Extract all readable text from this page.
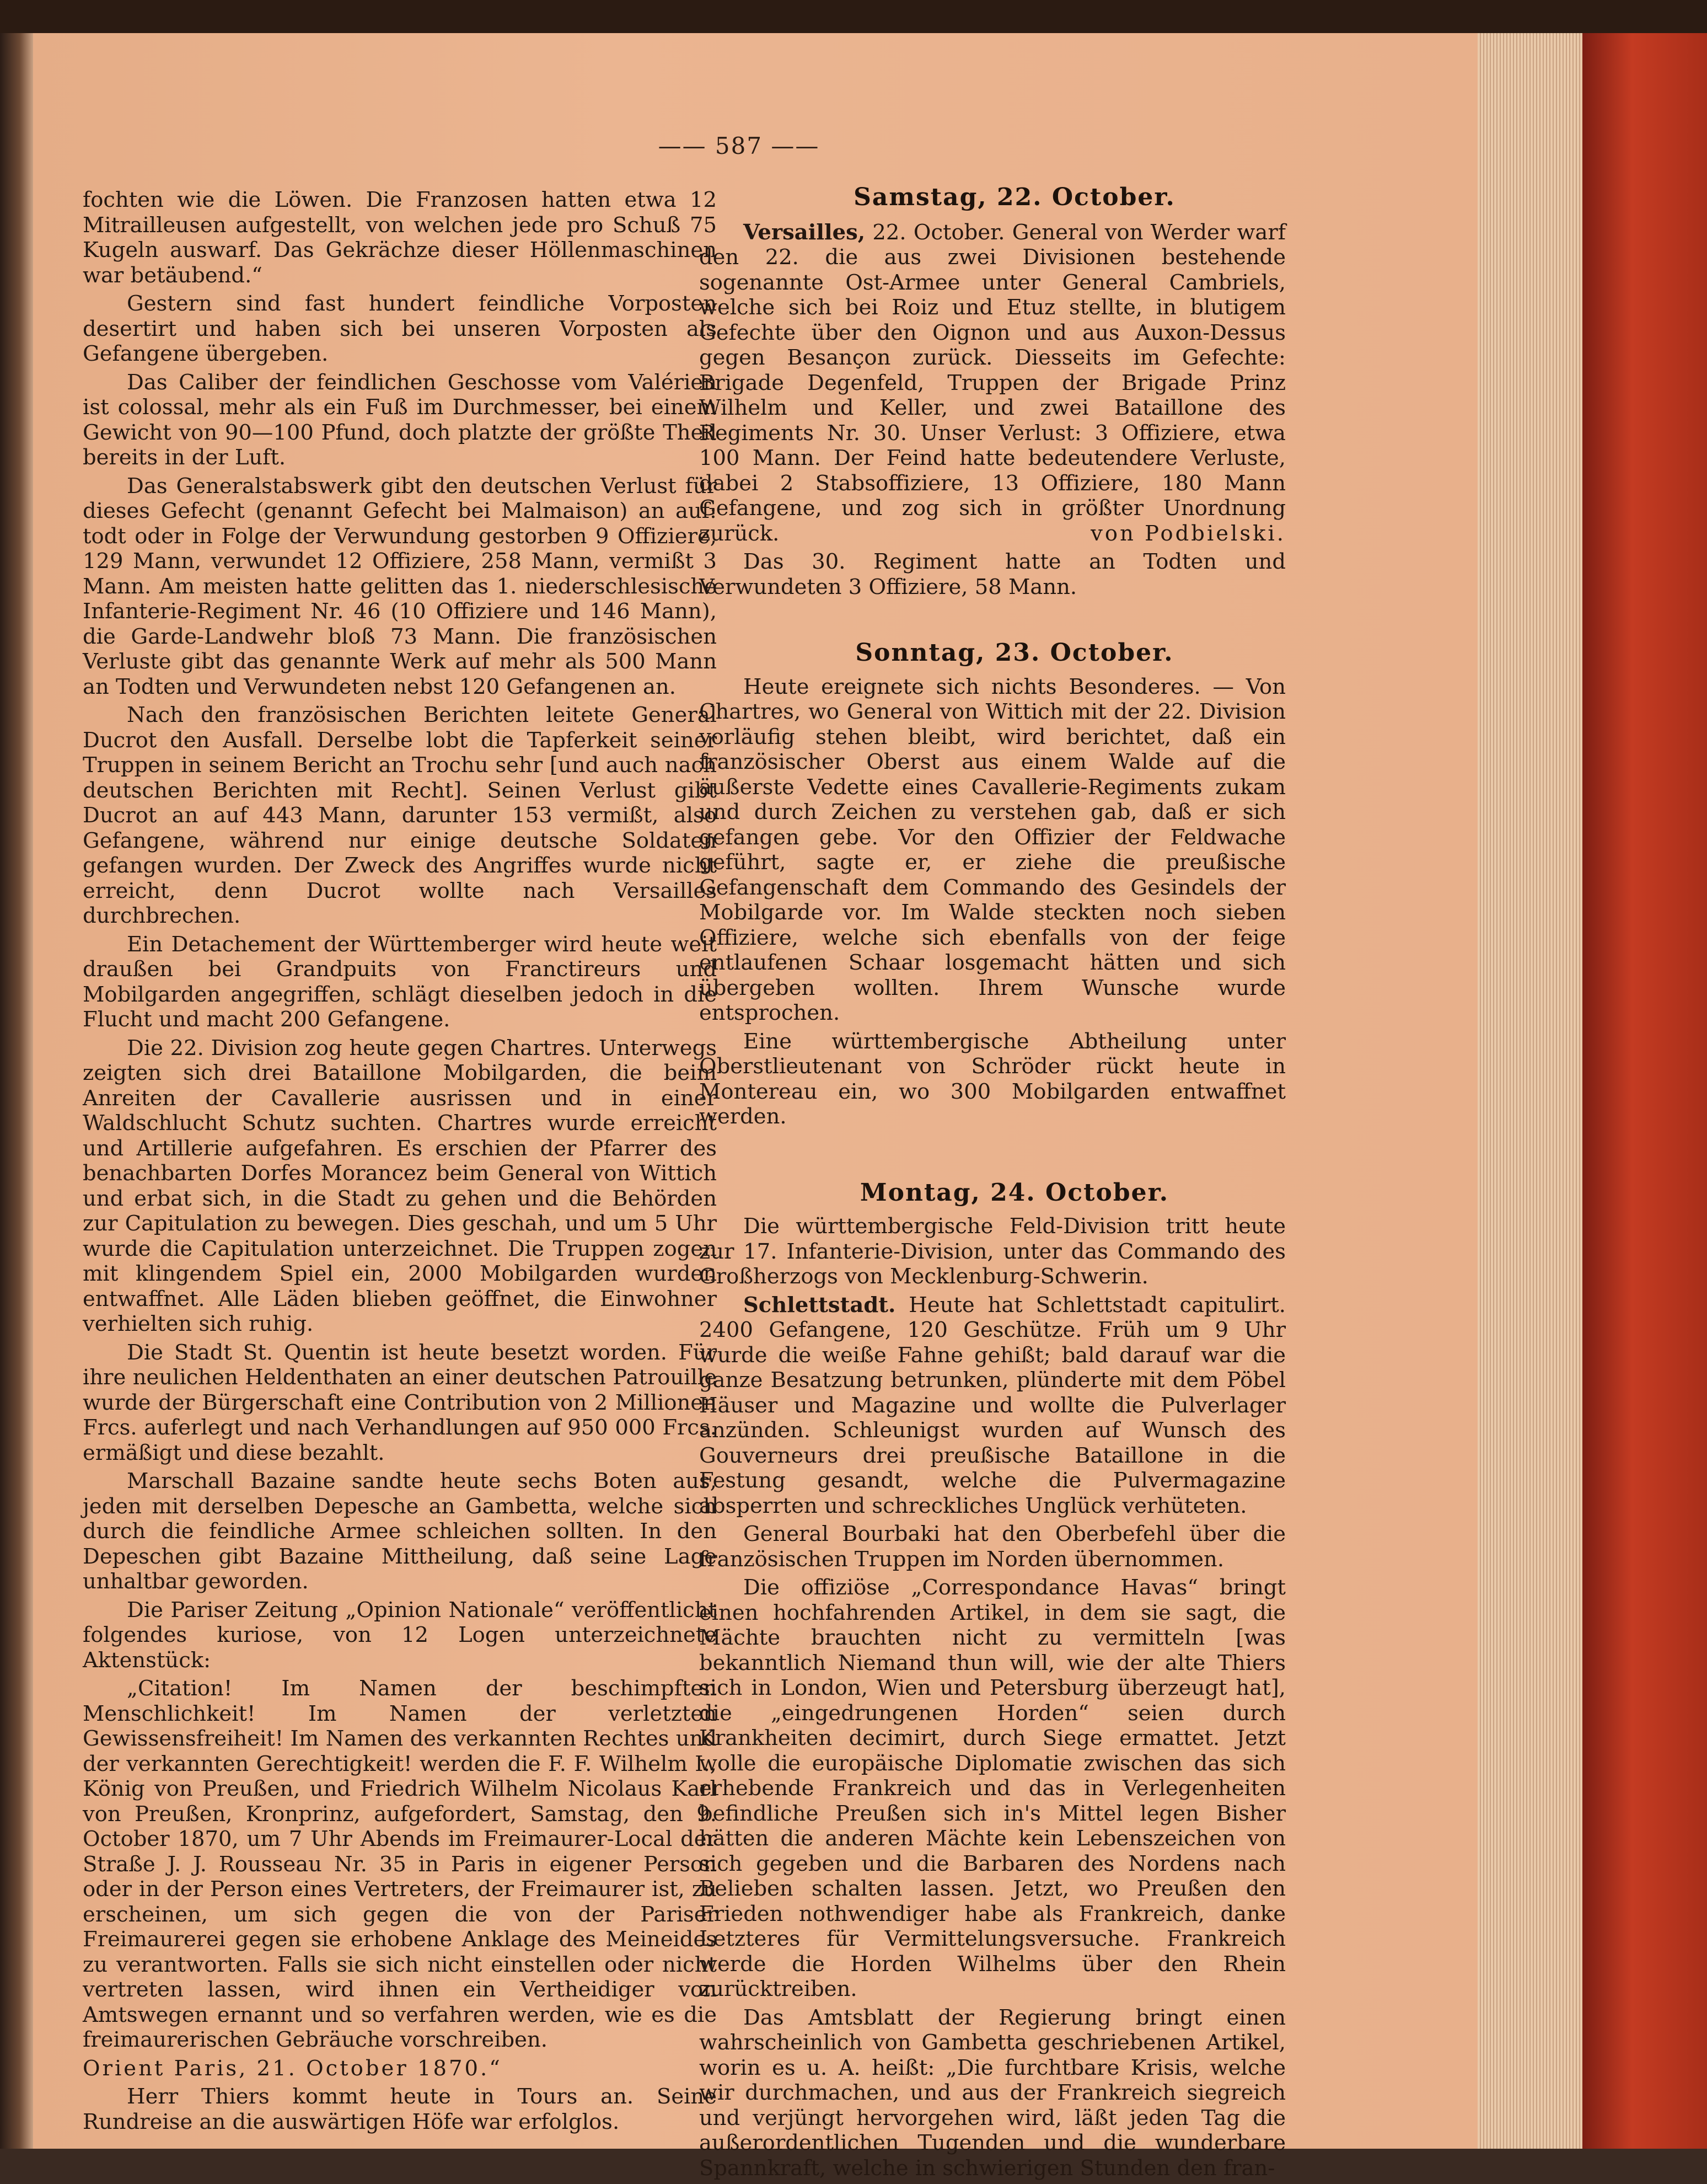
—— 587 ——

fochten wie die Löwen. Die Franzosen hatten etwa 12 Mitrailleusen aufgestellt, von welchen jede pro Schuß 75 Kugeln auswarf. Das Gekrächze dieser Höllenmaschinen war betäubend.“

Gestern sind fast hundert feindliche Vorposten desertirt und haben sich bei unseren Vorposten als Gefangene übergeben.

Das Caliber der feindlichen Geschosse vom Valérien ist colossal, mehr als ein Fuß im Durchmesser, bei einem Gewicht von 90—100 Pfund, doch platzte der größte Theil bereits in der Luft.

Das Generalstabswerk gibt den deutschen Verlust für dieses Gefecht (genannt Gefecht bei Malmaison) an auf: todt oder in Folge der Verwundung gestorben 9 Offiziere, 129 Mann, verwundet 12 Offiziere, 258 Mann, vermißt 3 Mann. Am meisten hatte gelitten das 1. niederschlesische Infanterie-Regiment Nr. 46 (10 Offiziere und 146 Mann), die Garde-Landwehr bloß 73 Mann. Die französischen Verluste gibt das genannte Werk auf mehr als 500 Mann an Todten und Verwundeten nebst 120 Gefangenen an.

Nach den französischen Berichten leitete General Ducrot den Ausfall. Derselbe lobt die Tapferkeit seiner Truppen in seinem Bericht an Trochu sehr [und auch nach deutschen Berichten mit Recht]. Seinen Verlust gibt Ducrot an auf 443 Mann, darunter 153 vermißt, also Gefangene, während nur einige deutsche Soldaten gefangen wurden. Der Zweck des Angriffes wurde nicht erreicht, denn Ducrot wollte nach Versailles durchbrechen.

Ein Detachement der Württemberger wird heute weit draußen bei Grandpuits von Franctireurs und Mobilgarden angegriffen, schlägt dieselben jedoch in die Flucht und macht 200 Gefangene.

Die 22. Division zog heute gegen Chartres. Unterwegs zeigten sich drei Bataillone Mobilgarden, die beim Anreiten der Cavallerie ausrissen und in einer Waldschlucht Schutz suchten. Chartres wurde erreicht und Artillerie aufgefahren. Es erschien der Pfarrer des benachbarten Dorfes Morancez beim General von Wittich und erbat sich, in die Stadt zu gehen und die Behörden zur Capitulation zu bewegen. Dies geschah, und um 5 Uhr wurde die Capitulation unterzeichnet. Die Truppen zogen mit klingendem Spiel ein, 2000 Mobilgarden wurden entwaffnet. Alle Läden blieben geöffnet, die Einwohner verhielten sich ruhig.

Die Stadt St. Quentin ist heute besetzt worden. Für ihre neulichen Heldenthaten an einer deutschen Patrouille wurde der Bürgerschaft eine Contribution von 2 Millionen Frcs. auferlegt und nach Verhandlungen auf 950 000 Frcs. ermäßigt und diese bezahlt.

Marschall Bazaine sandte heute sechs Boten aus, jeden mit derselben Depesche an Gambetta, welche sich durch die feindliche Armee schleichen sollten. In den Depeschen gibt Bazaine Mittheilung, daß seine Lage unhaltbar geworden.

Die Pariser Zeitung „Opinion Nationale“ veröffentlicht folgendes kuriose, von 12 Logen unterzeichnete Aktenstück:

„Citation! Im Namen der beschimpften Menschlichkeit! Im Namen der verletzten Gewissensfreiheit! Im Namen des verkannten Rechtes und der verkannten Gerechtigkeit! werden die F. F. Wilhelm I., König von Preußen, und Friedrich Wilhelm Nicolaus Karl von Preußen, Kronprinz, aufgefordert, Samstag, den 9. October 1870, um 7 Uhr Abends im Freimaurer-Local der Straße J. J. Rousseau Nr. 35 in Paris in eigener Person oder in der Person eines Vertreters, der Freimaurer ist, zu erscheinen, um sich gegen die von der Pariser Freimaurerei gegen sie erhobene Anklage des Meineides zu verantworten. Falls sie sich nicht einstellen oder nicht vertreten lassen, wird ihnen ein Vertheidiger von Amtswegen ernannt und so verfahren werden, wie es die freimaurerischen Gebräuche vorschreiben.

Orient Paris, 21. October 1870.“

Herr Thiers kommt heute in Tours an. Seine Rundreise an die auswärtigen Höfe war erfolglos.

Samstag, 22. October.

Versailles, 22. October. General von Werder warf den 22. die aus zwei Divisionen bestehende sogenannte Ost-Armee unter General Cambriels, welche sich bei Roiz und Etuz stellte, in blutigem Gefechte über den Oignon und aus Auxon-Dessus gegen Besançon zurück. Diesseits im Gefechte: Brigade Degenfeld, Truppen der Brigade Prinz Wilhelm und Keller, und zwei Bataillone des Regiments Nr. 30. Unser Verlust: 3 Offiziere, etwa 100 Mann. Der Feind hatte bedeutendere Verluste, dabei 2 Stabsoffiziere, 13 Offiziere, 180 Mann Gefangene, und zog sich in größter Unordnung zurück.	von Podbielski.

Das 30. Regiment hatte an Todten und Verwundeten 3 Offiziere, 58 Mann.

Sonntag, 23. October.

Heute ereignete sich nichts Besonderes. — Von Chartres, wo General von Wittich mit der 22. Division vorläufig stehen bleibt, wird berichtet, daß ein französischer Oberst aus einem Walde auf die äußerste Vedette eines Cavallerie-Regiments zukam und durch Zeichen zu verstehen gab, daß er sich gefangen gebe. Vor den Offizier der Feldwache geführt, sagte er, er ziehe die preußische Gefangenschaft dem Commando des Gesindels der Mobilgarde vor. Im Walde steckten noch sieben Offiziere, welche sich ebenfalls von der feige entlaufenen Schaar losgemacht hätten und sich übergeben wollten. Ihrem Wunsche wurde entsprochen.

Eine württembergische Abtheilung unter Oberstlieutenant von Schröder rückt heute in Montereau ein, wo 300 Mobilgarden entwaffnet werden.

Montag, 24. October.

Die württembergische Feld-Division tritt heute zur 17. Infanterie-Division, unter das Commando des Großherzogs von Mecklenburg-Schwerin.

Schlettstadt. Heute hat Schlettstadt capitulirt. 2400 Gefangene, 120 Geschütze. Früh um 9 Uhr wurde die weiße Fahne gehißt; bald darauf war die ganze Besatzung betrunken, plünderte mit dem Pöbel Häuser und Magazine und wollte die Pulverlager anzünden. Schleunigst wurden auf Wunsch des Gouverneurs drei preußische Bataillone in die Festung gesandt, welche die Pulvermagazine absperrten und schreckliches Unglück verhüteten.

General Bourbaki hat den Oberbefehl über die französischen Truppen im Norden übernommen.

Die offiziöse „Correspondance Havas“ bringt einen hochfahrenden Artikel, in dem sie sagt, die Mächte brauchten nicht zu vermitteln [was bekanntlich Niemand thun will, wie der alte Thiers sich in London, Wien und Petersburg überzeugt hat], die „eingedrungenen Horden“ seien durch Krankheiten decimirt, durch Siege ermattet. Jetzt wolle die europäische Diplomatie zwischen das sich erhebende Frankreich und das in Verlegenheiten befindliche Preußen sich in's Mittel legen Bisher hätten die anderen Mächte kein Lebenszeichen von sich gegeben und die Barbaren des Nordens nach Belieben schalten lassen. Jetzt, wo Preußen den Frieden nothwendiger habe als Frankreich, danke Letzteres für Vermittelungsversuche. Frankreich werde die Horden Wilhelms über den Rhein zurücktreiben.

Das Amtsblatt der Regierung bringt einen wahrscheinlich von Gambetta geschriebenen Artikel, worin es u. A. heißt: „Die furchtbare Krisis, welche wir durchmachen, und aus der Frankreich siegreich und verjüngt hervorgehen wird, läßt jeden Tag die außerordentlichen Tugenden und die wunderbare Spannkraft, welche in schwierigen Stunden den fran-
